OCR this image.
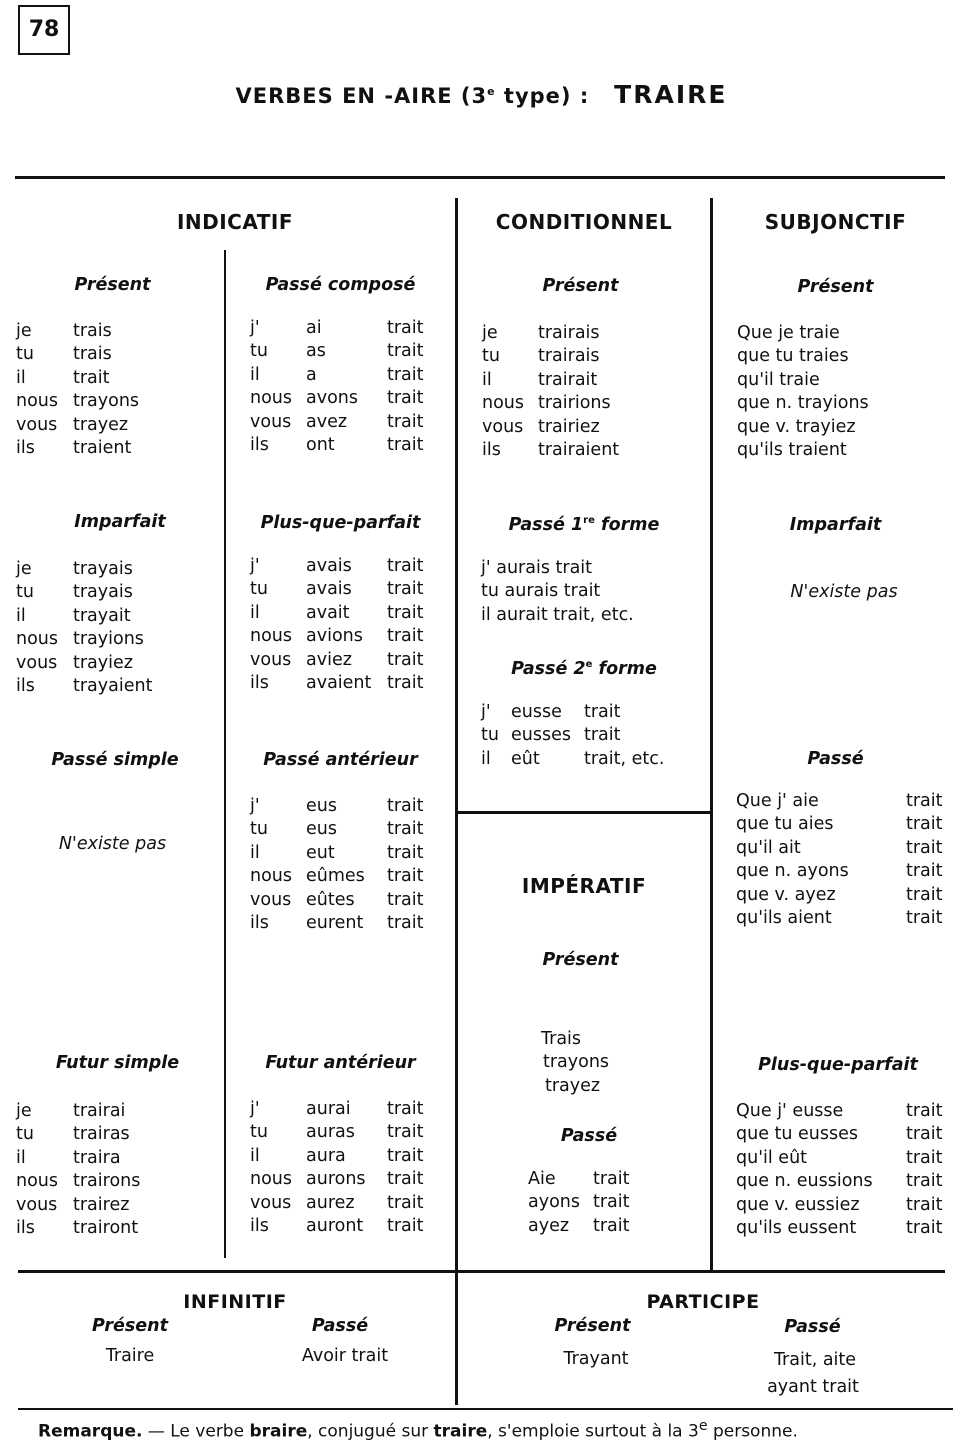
78
VERBES EN -AIRE (3e type) : TRAIRE
INDICATIF	CONDITIONNEL	SUBJONCTIF
IMPÉRATIF
Présent
Imparfait
Passé simple
N'existe pas
Futur simple
Passé composé
Plus-que-parfait
Passé antérieur
Futur antérieur
Présent
Passé 1re forme
Passé 2e forme
Présent
Passé
Présent
Imparfait
N'existe pas
Passé
Plus-que-parfait
INFINITIF
Présent	Passé
Traire	Avoir trait
PARTICIPE
Présent	Passé
Trayant	Trait, aite
ayant trait
Remarque. — Le verbe braire, conjugué sur traire, s'emploie surtout à la 3e personne.
je trais
tu trais
il	trait
nous trayons
vous trayez
ils traient
je trayais
tu trayais
il	trayait
nous trayions
vous trayiez
ils trayaient
je trairai
tu trairas
il	traira
nous trairons
vous trairez
ils trairont
j'	ai	trait
tu as	trait
il	a	trait
nous avons trait
vous avez trait
ils ont	trait
j'	avais trait
tu avais trait
il	avait trait
nous avions trait
vous aviez trait
ils avaient trait
j'	eus	trait
tu eus	trait
il	eut	trait
nous eûmes trait
vous eûtes trait
ils eurent trait
j'	aurai trait
tu auras trait
il	aura trait
nous aurons trait
vous aurez trait
ils auront trait
je trairais
tu trairais
il	trairait
nous trairions
vous trairiez
ils trairaient
j' aurais trait
tu aurais trait
il aurait trait, etc.
j' eusse trait
tu eusses trait
il eût	trait, etc.
Trais
trayons
trayez
Aie trait
ayons trait
ayez trait
Que je traie
que tu traies
qu'il traie
que n. trayions
que v. trayiez
qu'ils traient
Que j' aie	trait
que tu aies	trait
qu'il ait	trait
que n. ayons	trait
que v. ayez	trait
qu'ils aient	trait
Que j' eusse	trait
que tu eusses	trait
qu'il eût	trait
que n. eussions trait
que v. eussiez	trait
qu'ils eussent	trait
